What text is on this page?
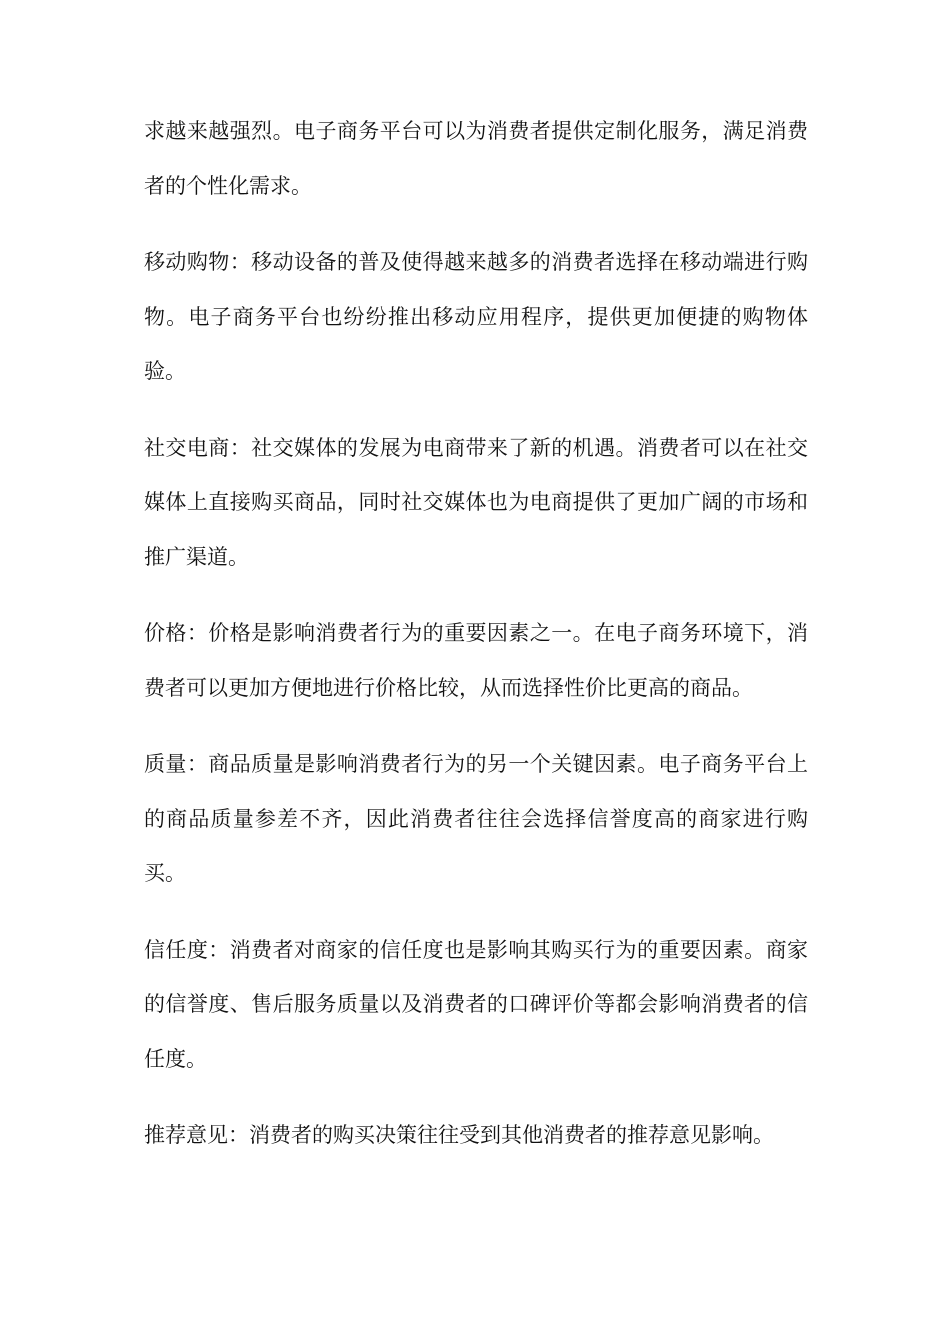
求越来越强烈。电子商务平台可以为消费者提供定制化服务，满足消费者的个性化需求。

移动购物：移动设备的普及使得越来越多的消费者选择在移动端进行购物。电子商务平台也纷纷推出移动应用程序，提供更加便捷的购物体验。

社交电商：社交媒体的发展为电商带来了新的机遇。消费者可以在社交媒体上直接购买商品，同时社交媒体也为电商提供了更加广阔的市场和推广渠道。

价格：价格是影响消费者行为的重要因素之一。在电子商务环境下，消费者可以更加方便地进行价格比较，从而选择性价比更高的商品。

质量：商品质量是影响消费者行为的另一个关键因素。电子商务平台上的商品质量参差不齐，因此消费者往往会选择信誉度高的商家进行购买。

信任度：消费者对商家的信任度也是影响其购买行为的重要因素。商家的信誉度、售后服务质量以及消费者的口碑评价等都会影响消费者的信任度。

推荐意见：消费者的购买决策往往受到其他消费者的推荐意见影响。
